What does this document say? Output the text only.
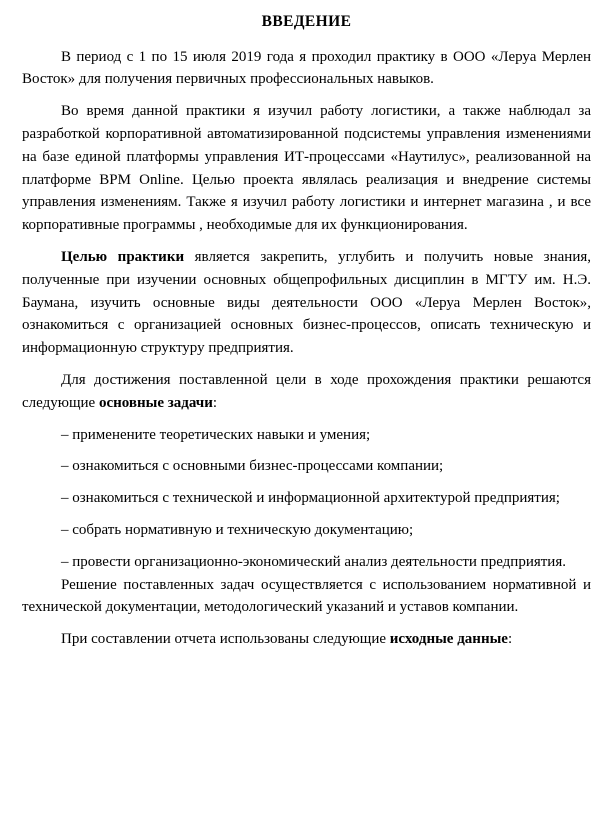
ВВЕДЕНИЕ

В период с 1 по 15 июля 2019 года я проходил практику в ООО «Леруа Мерлен Восток» для получения первичных профессиональных навыков.

Во время данной практики я изучил работу логистики, а также наблюдал за разработкой корпоративной автоматизированной подсистемы управления изменениями на базе единой платформы управления ИТ-процессами «Наутилус», реализованной на платформе BPM Online. Целью проекта являлась реализация и внедрение системы управления изменениям. Также я изучил работу логистики и интернет магазина , и все корпоративные программы , необходимые для их функционирования.

Целью практики является закрепить, углубить и получить новые знания, полученные при изучении основных общепрофильных дисциплин в МГТУ им. Н.Э. Баумана, изучить основные виды деятельности ООО «Леруа Мерлен Восток», ознакомиться с организацией основных бизнес-процессов, описать техническую и информационную структуру предприятия.

Для достижения поставленной цели в ходе прохождения практики решаются следующие основные задачи:

– применените теоретических навыки и умения;

– ознакомиться с основными бизнес-процессами компании;

– ознакомиться с технической и информационной архитектурой предприятия;

– собрать нормативную и техническую документацию;

– провести организационно-экономический анализ деятельности предприятия.

Решение поставленных задач осуществляется с использованием нормативной и технической документации, методологический указаний и уставов компании.

При составлении отчета использованы следующие исходные данные:
